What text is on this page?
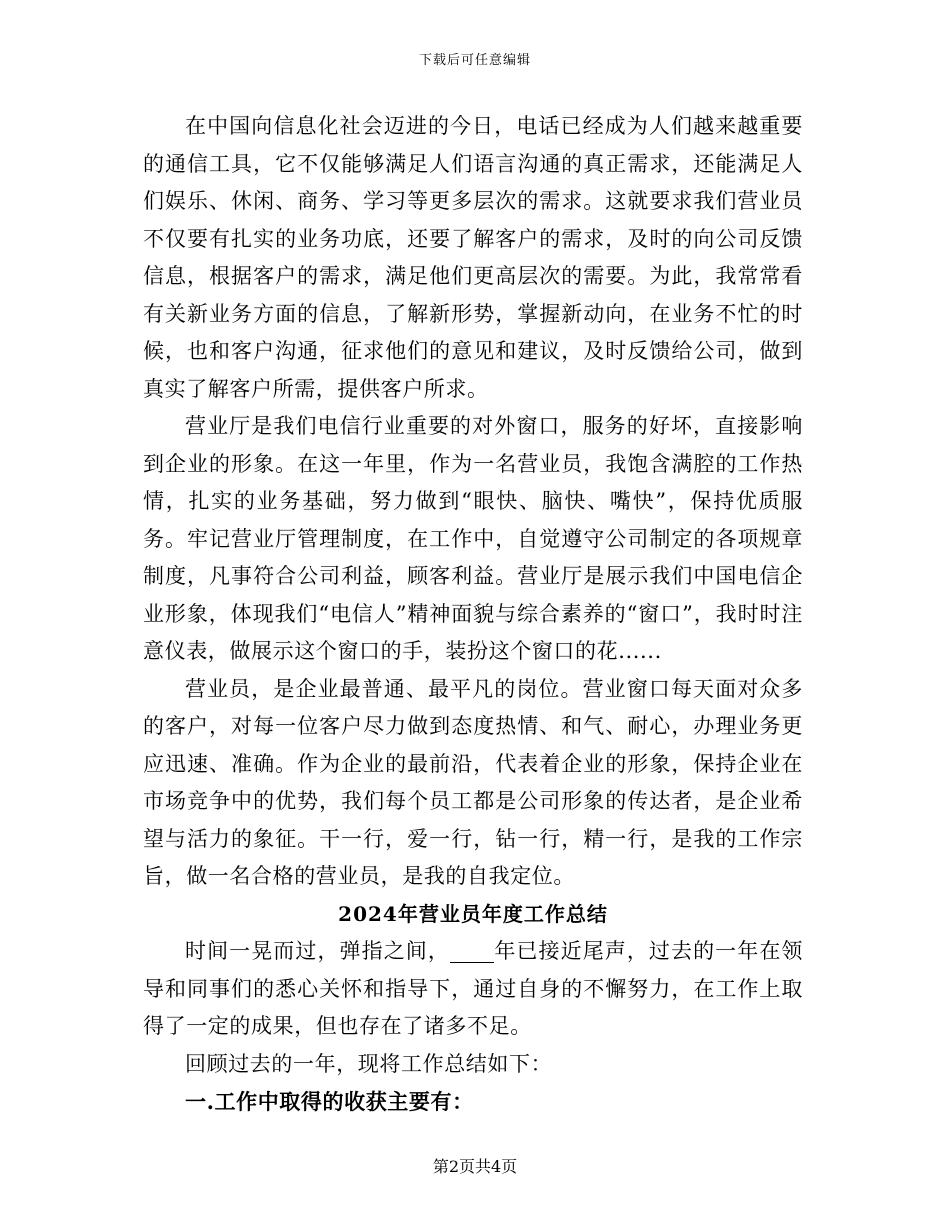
下载后可任意编辑

在中国向信息化社会迈进的今日，电话已经成为人们越来越重要的通信工具，它不仅能够满足人们语言沟通的真正需求，还能满足人们娱乐、休闲、商务、学习等更多层次的需求。这就要求我们营业员不仅要有扎实的业务功底，还要了解客户的需求，及时的向公司反馈信息，根据客户的需求，满足他们更高层次的需要。为此，我常常看有关新业务方面的信息，了解新形势，掌握新动向，在业务不忙的时候，也和客户沟通，征求他们的意见和建议，及时反馈给公司，做到真实了解客户所需，提供客户所求。

营业厅是我们电信行业重要的对外窗口，服务的好坏，直接影响到企业的形象。在这一年里，作为一名营业员，我饱含满腔的工作热情，扎实的业务基础，努力做到“眼快、脑快、嘴快”，保持优质服务。牢记营业厅管理制度，在工作中，自觉遵守公司制定的各项规章制度，凡事符合公司利益，顾客利益。营业厅是展示我们中国电信企业形象，体现我们“电信人”精神面貌与综合素养的“窗口”，我时时注意仪表，做展示这个窗口的手，装扮这个窗口的花......

营业员，是企业最普通、最平凡的岗位。营业窗口每天面对众多的客户，对每一位客户尽力做到态度热情、和气、耐心，办理业务更应迅速、准确。作为企业的最前沿，代表着企业的形象，保持企业在市场竞争中的优势，我们每个员工都是公司形象的传达者，是企业希望与活力的象征。干一行，爱一行，钻一行，精一行，是我的工作宗旨，做一名合格的营业员，是我的自我定位。

2024年营业员年度工作总结

时间一晃而过，弹指之间， 年已接近尾声，过去的一年在领导和同事们的悉心关怀和指导下，通过自身的不懈努力，在工作上取得了一定的成果，但也存在了诸多不足。

回顾过去的一年，现将工作总结如下：

一.工作中取得的收获主要有：

第2页共4页
